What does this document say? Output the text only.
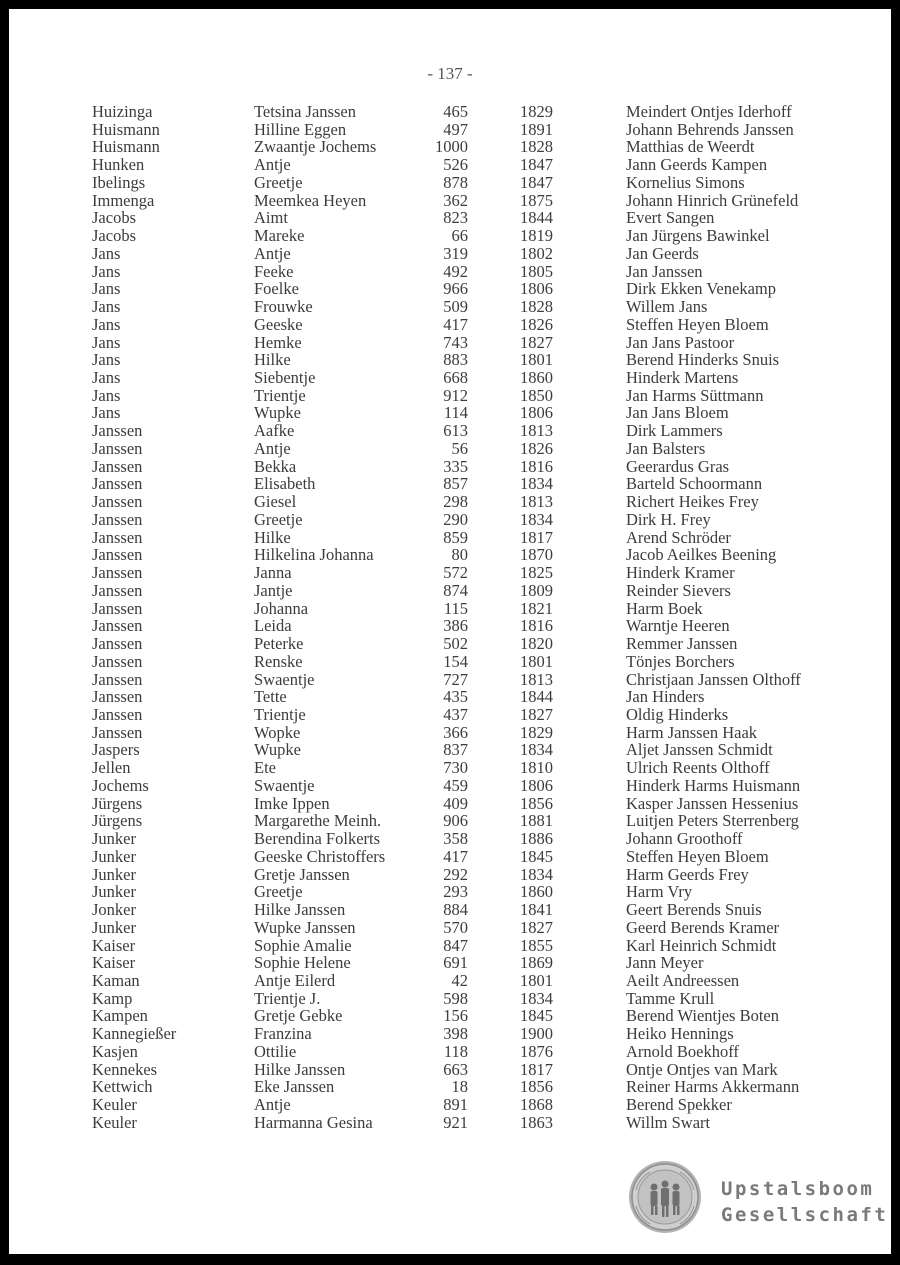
- 137 -
Huizinga	Tetsina Janssen	465	1829	Meindert Ontjes Iderhoff
Huismann	Hilline Eggen	497	1891	Johann Behrends Janssen
Huismann	Zwaantje Jochems	1000	1828	Matthias de Weerdt
Hunken	Antje	526	1847	Jann Geerds Kampen
Ibelings	Greetje	878	1847	Kornelius Simons
Immenga	Meemkea Heyen	362	1875	Johann Hinrich Grünefeld
Jacobs	Aimt	823	1844	Evert Sangen
Jacobs	Mareke	66	1819	Jan Jürgens Bawinkel
Jans	Antje	319	1802	Jan Geerds
Jans	Feeke	492	1805	Jan Janssen
Jans	Foelke	966	1806	Dirk Ekken Venekamp
Jans	Frouwke	509	1828	Willem Jans
Jans	Geeske	417	1826	Steffen Heyen Bloem
Jans	Hemke	743	1827	Jan Jans Pastoor
Jans	Hilke	883	1801	Berend Hinderks Snuis
Jans	Siebentje	668	1860	Hinderk Martens
Jans	Trientje	912	1850	Jan Harms Süttmann
Jans	Wupke	114	1806	Jan Jans Bloem
Janssen	Aafke	613	1813	Dirk Lammers
Janssen	Antje	56	1826	Jan Balsters
Janssen	Bekka	335	1816	Geerardus Gras
Janssen	Elisabeth	857	1834	Barteld Schoormann
Janssen	Giesel	298	1813	Richert Heikes Frey
Janssen	Greetje	290	1834	Dirk H. Frey
Janssen	Hilke	859	1817	Arend Schröder
Janssen	Hilkelina Johanna	80	1870	Jacob Aeilkes Beening
Janssen	Janna	572	1825	Hinderk Kramer
Janssen	Jantje	874	1809	Reinder Sievers
Janssen	Johanna	115	1821	Harm Boek
Janssen	Leida	386	1816	Warntje Heeren
Janssen	Peterke	502	1820	Remmer Janssen
Janssen	Renske	154	1801	Tönjes Borchers
Janssen	Swaentje	727	1813	Christjaan Janssen Olthoff
Janssen	Tette	435	1844	Jan Hinders
Janssen	Trientje	437	1827	Oldig Hinderks
Janssen	Wopke	366	1829	Harm Janssen Haak
Jaspers	Wupke	837	1834	Aljet Janssen Schmidt
Jellen	Ete	730	1810	Ulrich Reents Olthoff
Jochems	Swaentje	459	1806	Hinderk Harms Huismann
Jürgens	Imke Ippen	409	1856	Kasper Janssen Hessenius
Jürgens	Margarethe Meinh.	906	1881	Luitjen Peters Sterrenberg
Junker	Berendina Folkerts	358	1886	Johann Groothoff
Junker	Geeske Christoffers	417	1845	Steffen Heyen Bloem
Junker	Gretje Janssen	292	1834	Harm Geerds Frey
Junker	Greetje	293	1860	Harm Vry
Jonker	Hilke Janssen	884	1841	Geert Berends Snuis
Junker	Wupke Janssen	570	1827	Geerd Berends Kramer
Kaiser	Sophie Amalie	847	1855	Karl Heinrich Schmidt
Kaiser	Sophie Helene	691	1869	Jann Meyer
Kaman	Antje Eilerd	42	1801	Aeilt Andreessen
Kamp	Trientje J.	598	1834	Tamme Krull
Kampen	Gretje Gebke	156	1845	Berend Wientjes Boten
Kannegießer	Franzina	398	1900	Heiko Hennings
Kasjen	Ottilie	118	1876	Arnold Boekhoff
Kennekes	Hilke Janssen	663	1817	Ontje Ontjes van Mark
Kettwich	Eke Janssen	18	1856	Reiner Harms Akkermann
Keuler	Antje	891	1868	Berend Spekker
Keuler	Harmanna Gesina	921	1863	Willm Swart
Upstalsboom
Gesellschaft
